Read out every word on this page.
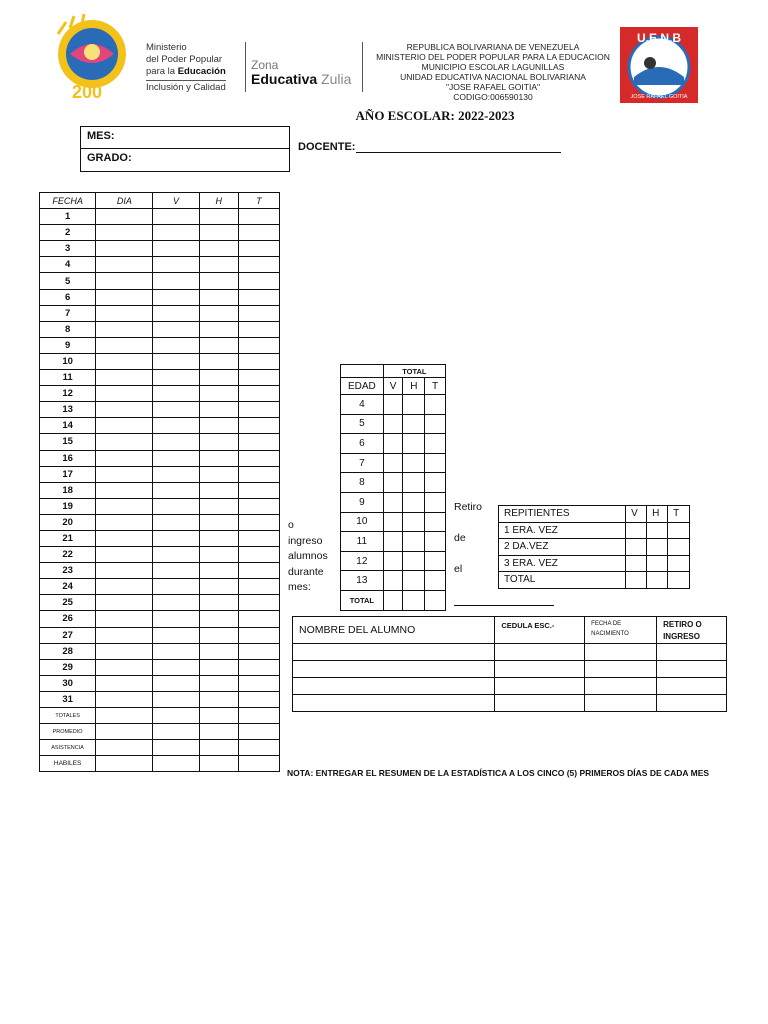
200
Ministerio
del Poder Popular
para la Educación
Inclusión y Calidad
Zona
Educativa Zulia
REPUBLICA BOLIVARIANA DE VENEZUELA
MINISTERIO DEL PODER POPULAR PARA LA EDUCACION
MUNICIPIO ESCOLAR LAGUNILLAS
UNIDAD EDUCATIVA NACIONAL BOLIVARIANA
"JOSE RAFAEL GOITIA"
CODIGO:006590130
U.E.N.B
JOSE RAFAEL GOITIA
AÑO ESCOLAR: 2022-2023
MES:
GRADO:
DOCENTE:
FECHA	DIA	V	H	T
1				
2				
3				
4				
5				
6				
7				
8				
9				
10				
11				
12				
13				
14				
15				
16				
17				
18				
19				
20				
21				
22				
23				
24				
25				
26				
27				
28				
29				
30				
31				
TOTALES				
PROMEDIO				
ASISTENCIA				
HABILES				
	TOTAL		
EDAD	V	H	T
4			
5			
6			
7			
8			
9			
10			
11			
12			
13			
TOTAL			
o
ingreso
alumnos
durante
mes:
Retiro
de
el
REPITIENTES	V	H	T
1 ERA. VEZ			
2 DA.VEZ			
3 ERA. VEZ			
TOTAL			
NOMBRE DEL ALUMNO	CEDULA ESC.-	FECHA DE NACIMIENTO	RETIRO O INGRESO

NOTA: ENTREGAR EL RESUMEN DE LA ESTADÍSTICA A LOS CINCO (5) PRIMEROS DÍAS DE CADA MES
